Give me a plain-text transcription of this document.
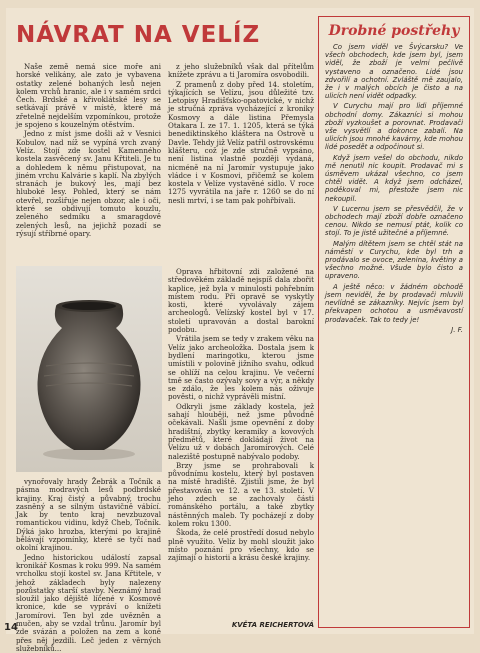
NÁVRAT NA VELÍZ

Naše země nemá sice moře ani horské velikány, ale zato je vybavena ostatky zelené bohaných lesů nejen kolem vrchů hranic, ale i v samém srdci Čech. Brdské a křivoklátské lesy se setkávají právě v místě, které má zřetelně nejdelším vzpomínkou, protože je spojeno s kouzelným otěstvím.

Jedno z míst jsme došli až v Vesnici Kobulov, nad níž se vypíná vrch zvaný Velíz. Stojí zde kostel Kamenného kostela zasvěcený sv. Janu Křtiteli. Je tu a dohledem k němu přistupovat, na jiném vrchu Kalvárie s kaplí. Na zbylých stranách je bukový les, mají bez hluboké lesy. Pohled, který se nám otevřel, rozšiřuje nejen obzor, ale i oči, které se obdivují tomuto kouzlu, zeleného sedmíku a smaragdově zelených lesů, na jejichž pozadí se rýsují stříbrné opary.

z jeho služebníků však dal přítelům knížete zprávu a ti Jaromíra osvobodili.

Z pramenů z doby před 14. stoletím, týkajících se Velízu, jsou důležité tzv. Letopisy Hradišťsko-opatovické, v nichž je stručná zpráva vycházející z kroniky Kosmovy a dále listina Přemysla Otakara I. ze 17. 1. 1205, která se týká benediktinského kláštera na Ostrově u Davle. Tehdy již Velíz patřil ostrovskému klášteru, což je zde stručně vypsáno, není listina vlastně později vydaná, nicméně na ní Jaromír vystupuje jako vládce i v Kosmovi, přičemž se kolem kostela v Velíze vystavěné sídlo. V roce 1275 vyvrátila na jaře r. 1260 se do ní nesli mrtví, i se tam pak pohřbívali.

vynořovaly hrady Žebrák a Točník a pásma modravých lesů podbrdské krajiny. Kraj čistý a půvabný, trochu zasněný a se silným ústavičně vábící. Jak by tento kraj nevzbuzoval romantickou vidinu, když Cheb, Točník. Dýká jako hrozba, kterými po krajině bělávají vzpomínky, které se tyčí nad okolní krajinou.

Jedno historickou událostí zapsal kronikář Kosmas k roku 999. Na samém vrcholku stojí kostel sv. Jana Křtitele, v jehož základech byly nalezeny pozůstatky starší stavby. Neznámý hrad sloužil jako dějiště líčené v Kosmově kronice, kde se vypráví o knížeti Jaromírovi. Ten byl zde uvězněn a mučen, aby se vzdal trůnu. Jaromír byl zde svázán a položen na zem a koně přes něj jezdili. Leč jeden z věrných služebníků...

Oprava hřbitovní zdi založené na středověkém základě nejspíš dala zbořit kaplice, jež byla v minulosti pohřebním místem rodu. Při opravě se vyskytly kosti, které vyvolávaly zájem archeologů. Velízský kostel byl v 17. století upravován a dostal barokní podobu.

Vrátila jsem se tedy v zrakem věku na Velíz jako archeoložka. Dostala jsem k bydlení maringotku, kterou jsme umístili v polovině jižního svahu, odkud se ohlíží na celou krajinu. Ve večerní tmě se často ozývaly sovy a výr, a někdy se zdálo, že les kolem nás oživuje pověsti, o nichž vyprávěli místní.

Odkryli jsme základy kostela, jež sahají hlouběji, než jsme původně očekávali. Našli jsme opevnění z doby hradištní, zbytky keramiky a kovových předmětů, které dokládají život na Velízu už v dobách Jaromírových. Celé naleziště postupně nabývalo podoby.

Brzy jsme se prohrabovali k původnímu kostelu, který byl postaven na místě hradiště. Zjistili jsme, že byl přestavován ve 12. a ve 13. století. V jeho zdech se zachovaly části románského portálu, a také zbytky nástěnných maleb. Ty pocházejí z doby kolem roku 1300.

Škoda, že celé prostředí dosud nebylo plně využito. Velíz by mohl sloužit jako místo poznání pro všechny, kdo se zajímají o historii a krásu české krajiny.

KVĚTA REICHERTOVÁ
Drobné postřehy

Co jsem viděl ve Švýcarsku? Ve všech obchodech, kde jsem byl, jsem viděl, že zboží je velmi pečlivě vystaveno a označeno. Lidé jsou zdvořilí a ochotní. Zvláště mě zaujalo, že i v malých obcích je čisto a na ulicích není vidět odpadky.

V Curychu mají pro lidi příjemné obchodní domy. Zákazníci si mohou zboží vyzkoušet a porovnat. Prodavači vše vysvětlí a dokonce zabalí. Na ulicích jsou mnohé kavárny, kde mohou lidé posedět a odpočinout si.

Když jsem vešel do obchodu, nikdo mě nenutil nic koupit. Prodavač mi s úsměvem ukázal všechno, co jsem chtěl vidět. A když jsem odcházel, poděkoval mi, přestože jsem nic nekoupil.

V Lucernu jsem se přesvědčil, že v obchodech mají zboží dobře označeno cenou. Nikdo se nemusí ptát, kolik co stojí. To je jistě užitečné a příjemné.

Malým dítětem jsem se chtěl stát na náměstí v Curychu, kde byl trh a prodávalo se ovoce, zelenina, květiny a všechno možné. Všude bylo čisto a upraveno.

A ještě něco: v žádném obchodě jsem neviděl, že by prodavači mluvili nevlídně se zákazníky. Nejvíc jsem byl překvapen ochotou a usměvavostí prodavaček. Tak to tedy je!

J. F.
14
